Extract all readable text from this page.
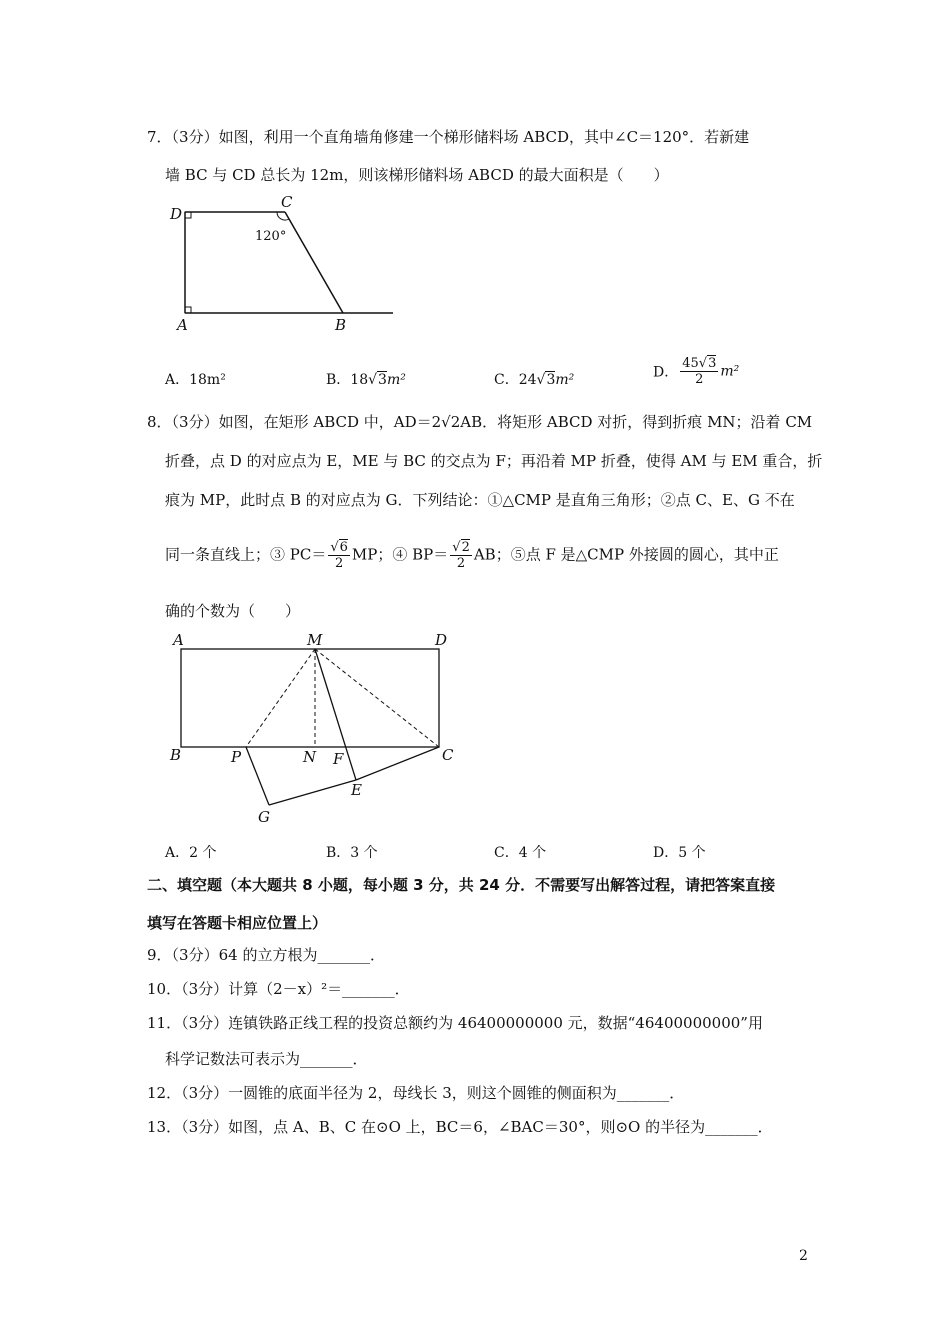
7．（3分）如图，利用一个直角墙角修建一个梯形储料场 ABCD，其中∠C＝120°．若新建
墙 BC 与 CD 总长为 12m，则该梯形储料场 ABCD 的最大面积是（　　）
D
C
120°
A	B
A．18m²	B．18√3m²	C．24√3m²	D． $\frac{45√3}{2} m^2$
8．（3分）如图，在矩形 ABCD 中，AD＝2√2AB．将矩形 ABCD 对折，得到折痕 MN；沿着 CM
折叠，点 D 的对应点为 E，ME 与 BC 的交点为 F；再沿着 MP 折叠，使得 AM 与 EM 重合，折
痕为 MP，此时点 B 的对应点为 G．下列结论：①△CMP 是直角三角形；②点 C、E、G 不在
同一条直线上；③ $PC= \frac{√6}{2}$ MP；④ $BP= \frac{√2}{2}$ AB；⑤点 F 是△CMP 外接圆的圆心，其中正
确的个数为（　　）
A	M	D
B	P	N F	C
E
G
A．2 个	B．3 个	C．4 个	D．5 个
二、填空题（本大题共 8 小题，每小题 3 分，共 24 分．不需要写出解答过程，请把答案直接
填写在答题卡相应位置上）
9．（3分）64 的立方根为_______．
10．（3分）计算（2－x）²＝_______．
11．（3分）连镇铁路正线工程的投资总额约为 46400000000 元，数据“46400000000”用
科学记数法可表示为_______．
12．（3分）一圆锥的底面半径为 2，母线长 3，则这个圆锥的侧面积为_______．
13．（3分）如图，点 A、B、C 在⊙O 上，BC＝6，∠BAC＝30°，则⊙O 的半径为_______．
2
